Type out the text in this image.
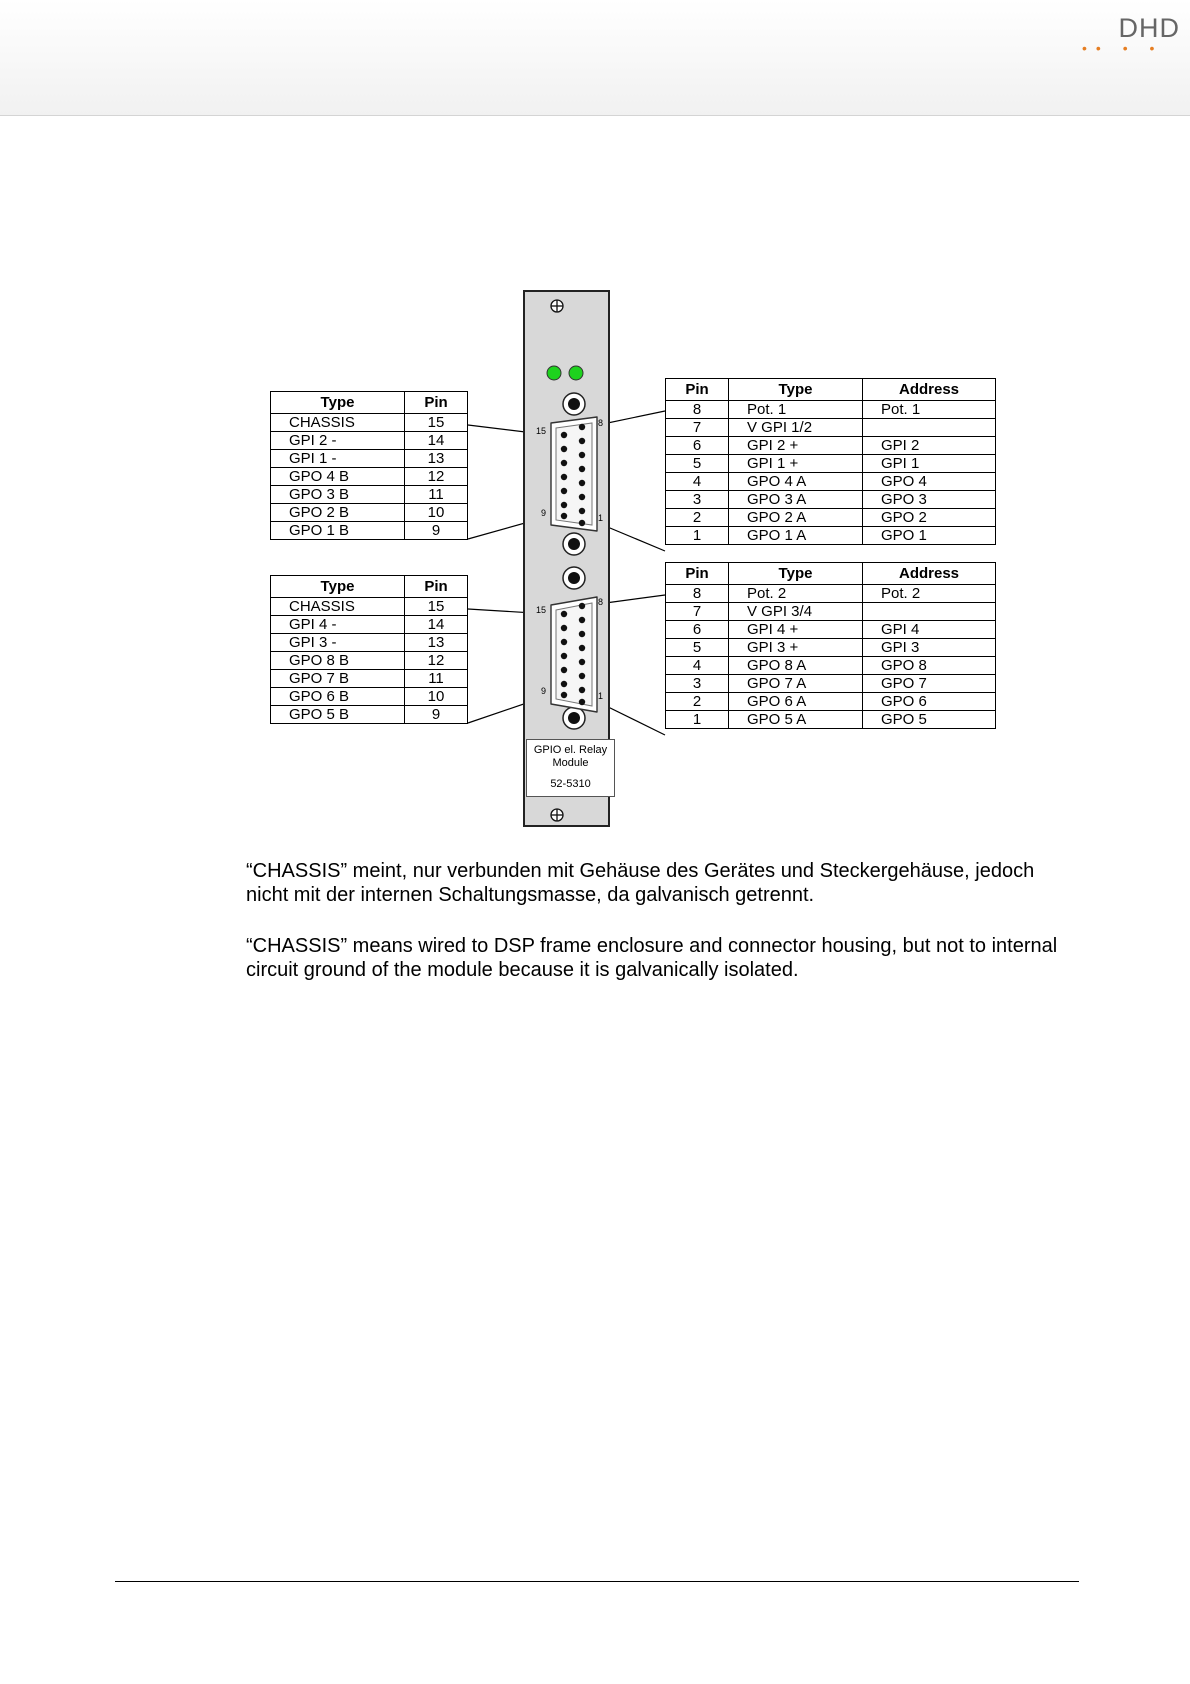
DHD
•• • •
15
8
9	1
15
8
9	1
GPIO el. Relay Module
52-5310
Type	Pin
CHASSIS	15
GPI 2 -	14
GPI 1 -	13
GPO 4 B	12
GPO 3 B	11
GPO 2 B	10
GPO 1 B	9
Type	Pin
CHASSIS	15
GPI 4 -	14
GPI 3 -	13
GPO 8 B	12
GPO 7 B	11
GPO 6 B	10
GPO 5 B	9
Pin	Type	Address
8	Pot. 1	Pot. 1
7	V GPI 1/2	
6	GPI 2 +	GPI 2
5	GPI 1 +	GPI 1
4	GPO 4 A	GPO 4
3	GPO 3 A	GPO 3
2	GPO 2 A	GPO 2
1	GPO 1 A	GPO 1
Pin	Type	Address
8	Pot. 2	Pot. 2
7	V GPI 3/4	
6	GPI 4 +	GPI 4
5	GPI 3 +	GPI 3
4	GPO 8 A	GPO 8
3	GPO 7 A	GPO 7
2	GPO 6 A	GPO 6
1	GPO 5 A	GPO 5

“CHASSIS” meint, nur verbunden mit Gehäuse des Gerätes und Steckergehäuse, jedoch nicht mit der internen Schaltungsmasse, da galvanisch getrennt.

“CHASSIS” means wired to DSP frame enclosure and connector housing, but not to internal circuit ground of the module because it is galvanically isolated.
